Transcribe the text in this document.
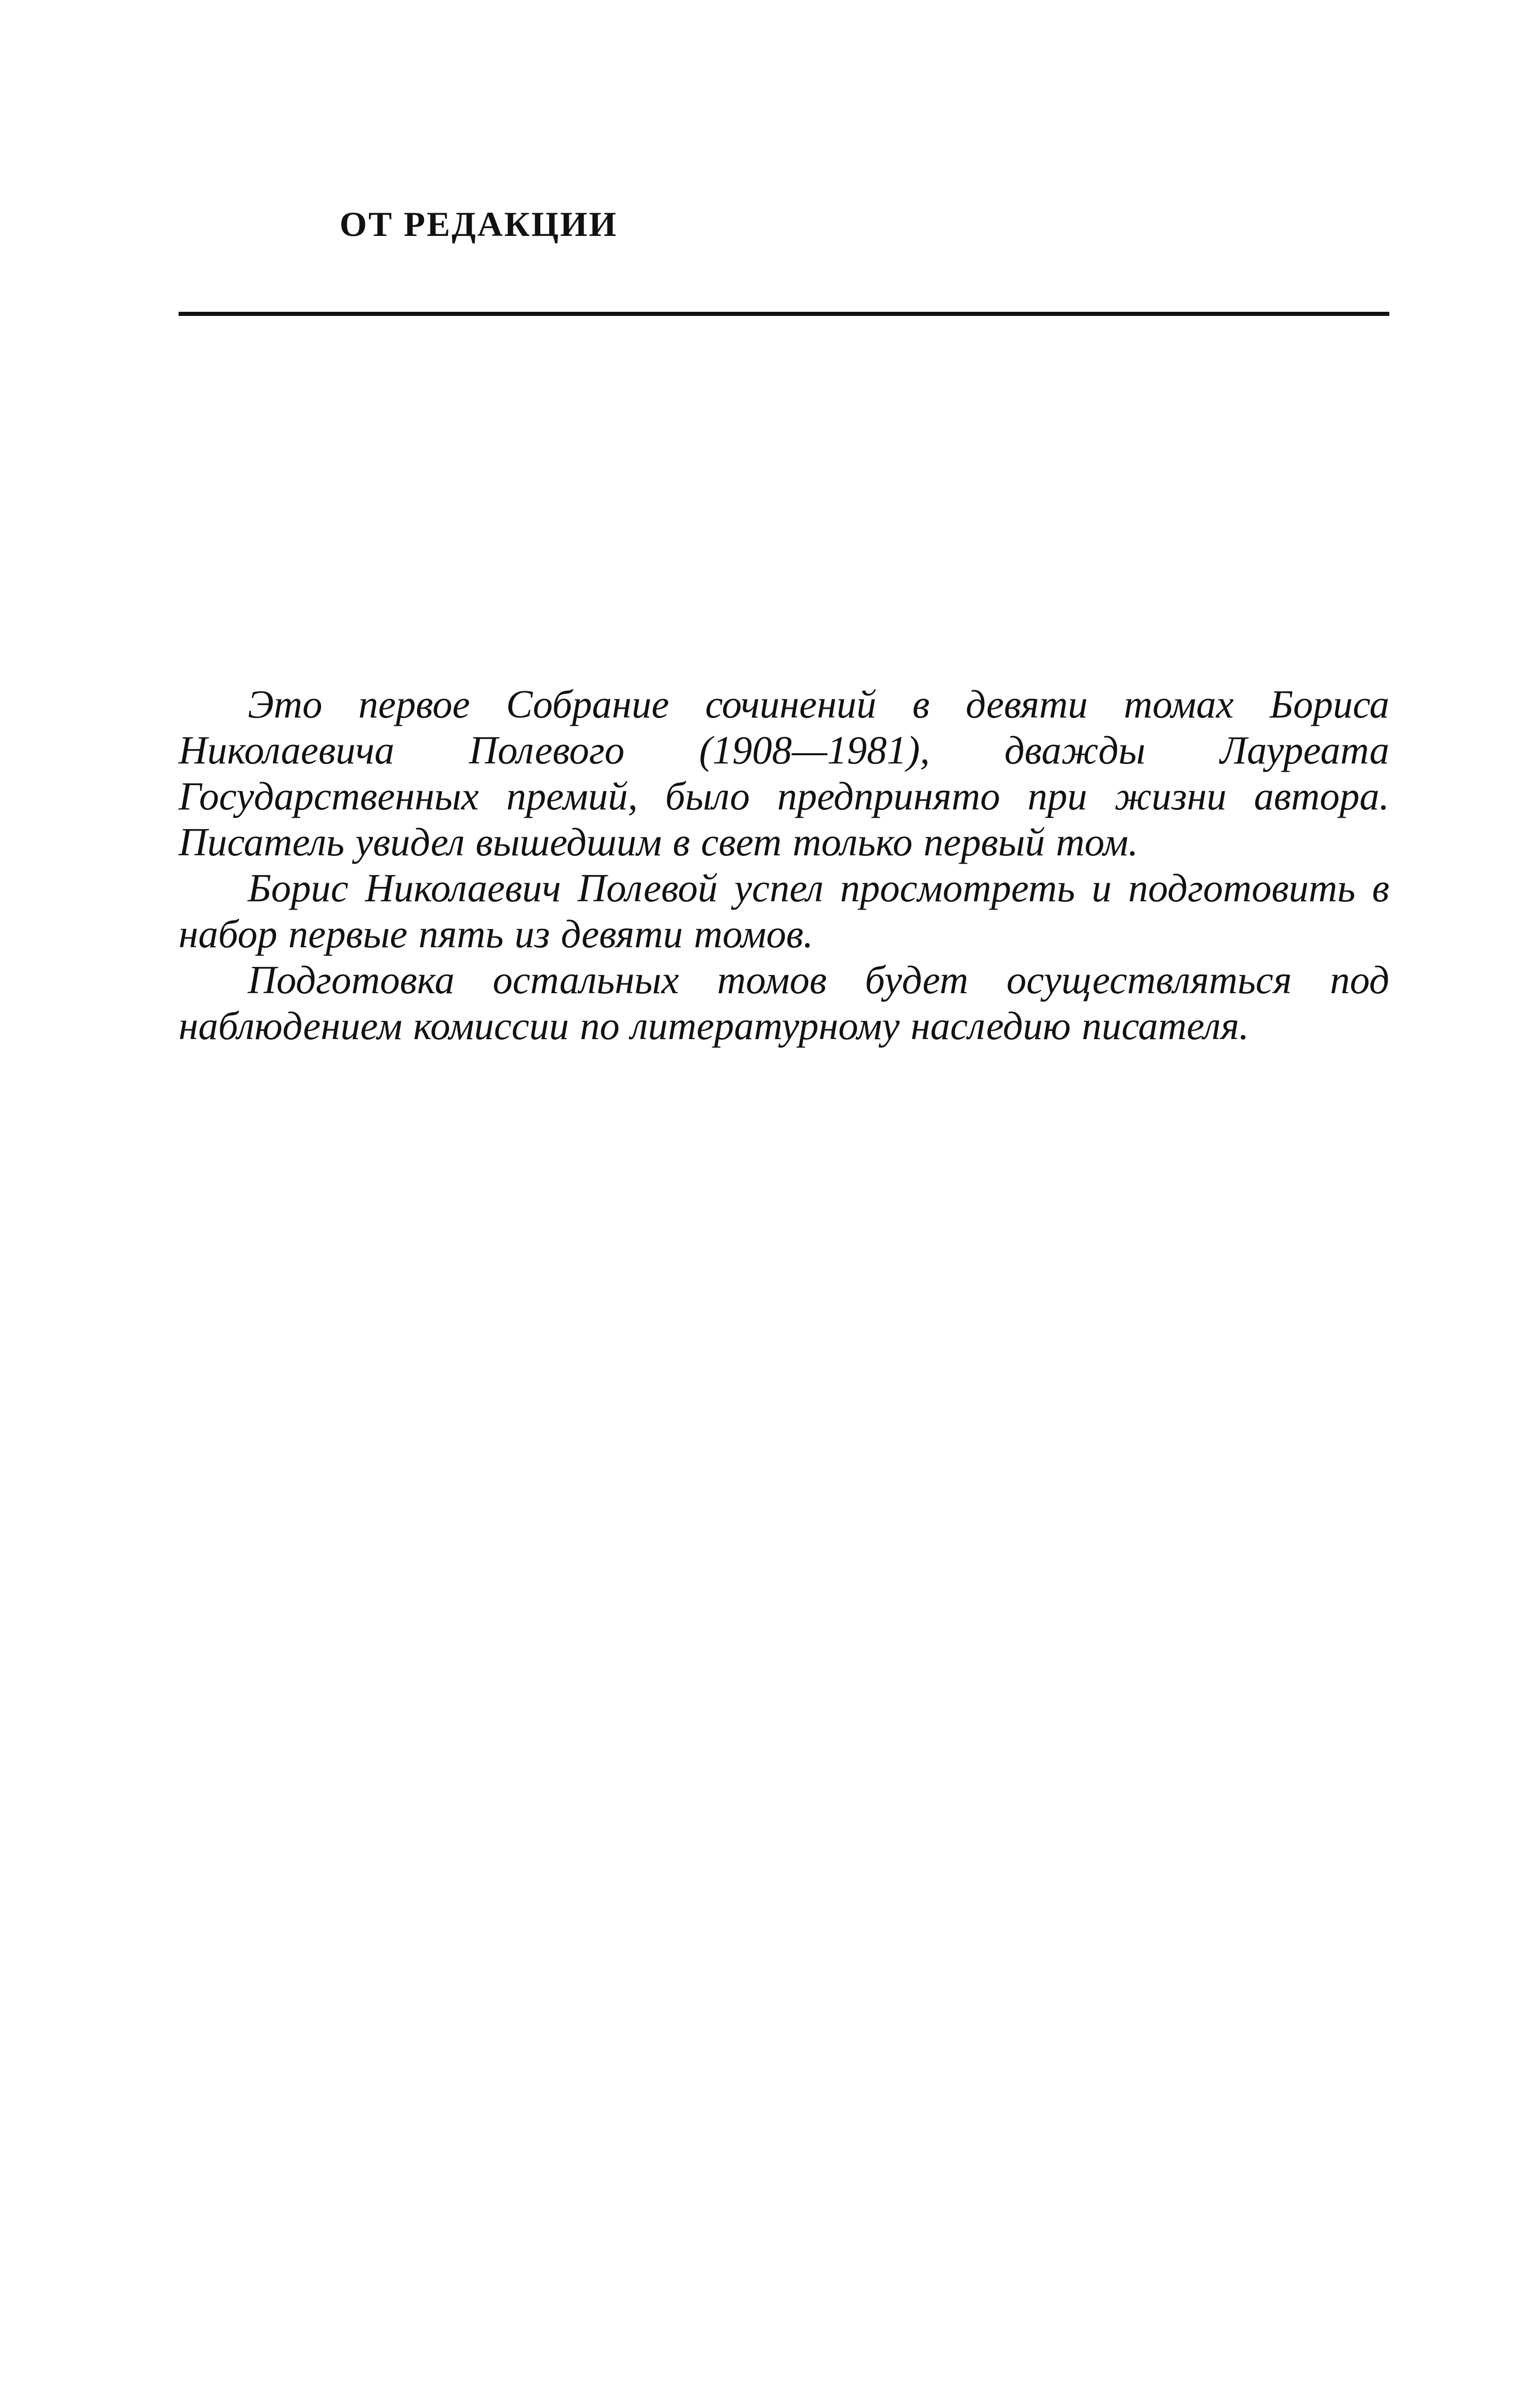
ОТ РЕДАКЦИИ

Это первое Собрание сочинений в девяти томах Бориса Николаевича Полевого (1908—1981), дважды Лауреата Государственных премий, было предпринято при жизни автора. Писатель увидел вышедшим в свет только первый том.

Борис Николаевич Полевой успел просмотреть и подготовить в набор первые пять из девяти томов.

Подготовка остальных томов будет осуществляться под наблюдением комиссии по литературному наследию писателя.
